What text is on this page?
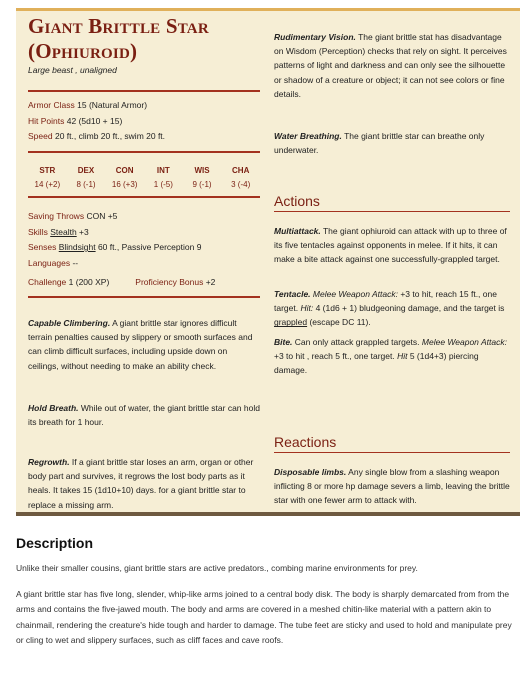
Giant Brittle Star
(Ophiuroid)
Large beast , unaligned
Armor Class 15 (Natural Armor)
Hit Points 42 (5d10 + 15)
Speed 20 ft., climb 20 ft., swim 20 ft.
STR
14 (+2)
DEX
8 (-1)
CON
16 (+3)
INT
1 (-5)
WIS
9 (-1)
CHA
3 (-4)
Saving Throws CON +5
Skills Stealth +3
Senses Blindsight 60 ft., Passive Perception 9
Languages --
Challenge 1 (200 XP)	Proficiency Bonus +2
Capable Climbering. A giant brittle star ignores difficult terrain penalties caused by slippery or smooth surfaces and can climb difficult surfaces, including upside down on ceilings, without needing to make an ability check.
Hold Breath. While out of water, the giant brittle star can hold its breath for 1 hour.
Regrowth. If a giant brittle star loses an arm, organ or other body part and survives, it regrows the lost body parts as it heals. It takes 15 (1d10+10) days. for a giant brittle star to replace a missing arm.
Rudimentary Vision. The giant brittle stat has disadvantage on Wisdom (Perception) checks that rely on sight. It perceives patterns of light and darkness and can only see the silhouette or shadow of a creature or object; it can not see colors or fine details.
Water Breathing. The giant brittle star can breathe only underwater.
Actions
Multiattack. The giant ophiuroid can attack with up to three of its five tentacles against opponents in melee. If it hits, it can make a bite attack against one successfully-grappled target.
Tentacle. Melee Weapon Attack: +3 to hit, reach 15 ft., one target. Hit: 4 (1d6 + 1) bludgeoning damage, and the target is grappled (escape DC 11).
Bite. Can only attack grappled targets. Melee Weapon Attack: +3 to hit , reach 5 ft., one target. Hit 5 (1d4+3) piercing damage.
Reactions
Disposable limbs. Any single blow from a slashing weapon inflicting 8 or more hp damage severs a limb, leaving the brittle star with one fewer arm to attack with.
Description

Unlike their smaller cousins, giant brittle stars are active predators., combing marine environments for prey.

A giant brittle star has five long, slender, whip-like arms joined to a central body disk. The body is sharply demarcated from from the arms and contains the five-jawed mouth. The body and arms are covered in a meshed chitin-like material with a pattern akin to chainmail, rendering the creature's hide tough and harder to damage. The tube feet are sticky and used to hold and manipulate prey or cling to wet and slippery surfaces, such as cliff faces and cave roofs.
